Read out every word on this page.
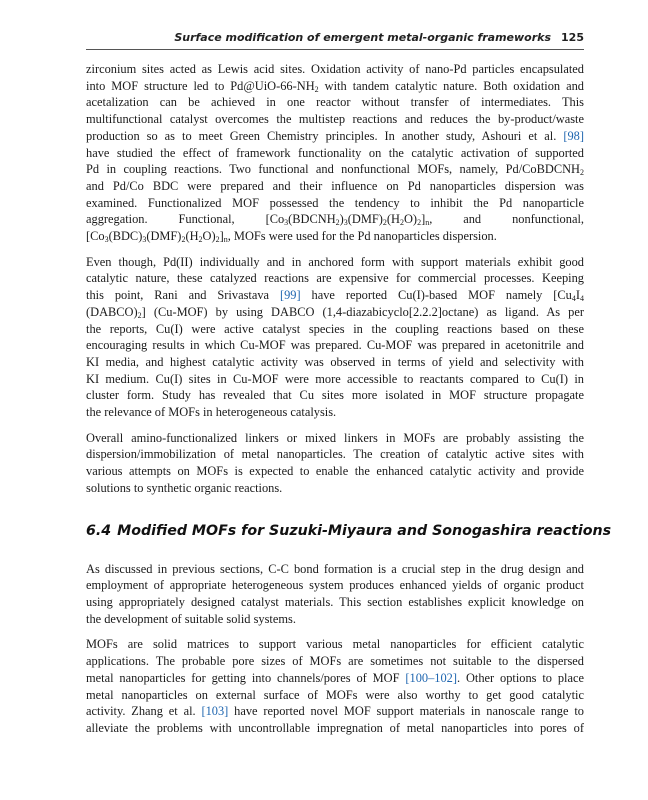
Surface modification of emergent metal-organic frameworks 125
zirconium sites acted as Lewis acid sites. Oxidation activity of nano-Pd particles encapsulated
into MOF structure led to $Pd@UiO-66-NH_2$ with tandem catalytic nature. Both oxidation and
acetalization can be achieved in one reactor without transfer of intermediates. This
multifunctional catalyst overcomes the multistep reactions and reduces the by-product/waste
production so as to meet Green Chemistry principles. In another study, Ashouri et al. [98]
have studied the effect of framework functionality on the catalytic activation of supported
Pd in coupling reactions. Two functional and nonfunctional MOFs, namely, Pd/CoBDCNH$_2$
and Pd/Co BDC were prepared and their influence on Pd nanoparticles dispersion was
examined. Functionalized MOF possessed the tendency to inhibit the Pd nanoparticle
aggregation. Functional, $[Co_3(BDCNH_2)_3(DMF)_2(H_2O)_2]_n$, and nonfunctional,
$[Co_3(BDC)_3(DMF)_2(H_2O)_2]_n$, MOFs were used for the Pd nanoparticles dispersion.
Even though, Pd(II) individually and in anchored form with support materials exhibit good
catalytic nature, these catalyzed reactions are expensive for commercial processes. Keeping
this point, Rani and Srivastava [99] have reported Cu(I)-based MOF namely [$Cu_4I_4$
$(DABCO)_2$] (Cu-MOF) by using DABCO (1,4-diazabicyclo[2.2.2]octane) as ligand. As per
the reports, Cu(I) were active catalyst species in the coupling reactions based on these
encouraging results in which Cu-MOF was prepared. Cu-MOF was prepared in acetonitrile and
KI media, and highest catalytic activity was observed in terms of yield and selectivity with
KI medium. Cu(I) sites in Cu-MOF were more accessible to reactants compared to Cu(I) in
cluster form. Study has revealed that Cu sites more isolated in MOF structure propagate
the relevance of MOFs in heterogeneous catalysis.
Overall amino-functionalized linkers or mixed linkers in MOFs are probably assisting the
dispersion/immobilization of metal nanoparticles. The creation of catalytic active sites with
various attempts on MOFs is expected to enable the enhanced catalytic activity and provide
solutions to synthetic organic reactions.
6.4 Modified MOFs for Suzuki-Miyaura and Sonogashira reactions
As discussed in previous sections, C-C bond formation is a crucial step in the drug design and
employment of appropriate heterogeneous system produces enhanced yields of organic product
using appropriately designed catalyst materials. This section establishes explicit knowledge on
the development of suitable solid systems.
MOFs are solid matrices to support various metal nanoparticles for efficient catalytic
applications. The probable pore sizes of MOFs are sometimes not suitable to the dispersed
metal nanoparticles for getting into channels/pores of MOF [100–102]. Other options to place
metal nanoparticles on external surface of MOFs were also worthy to get good catalytic
activity. Zhang et al. [103] have reported novel MOF support materials in nanoscale range to
alleviate the problems with uncontrollable impregnation of metal nanoparticles into pores of
